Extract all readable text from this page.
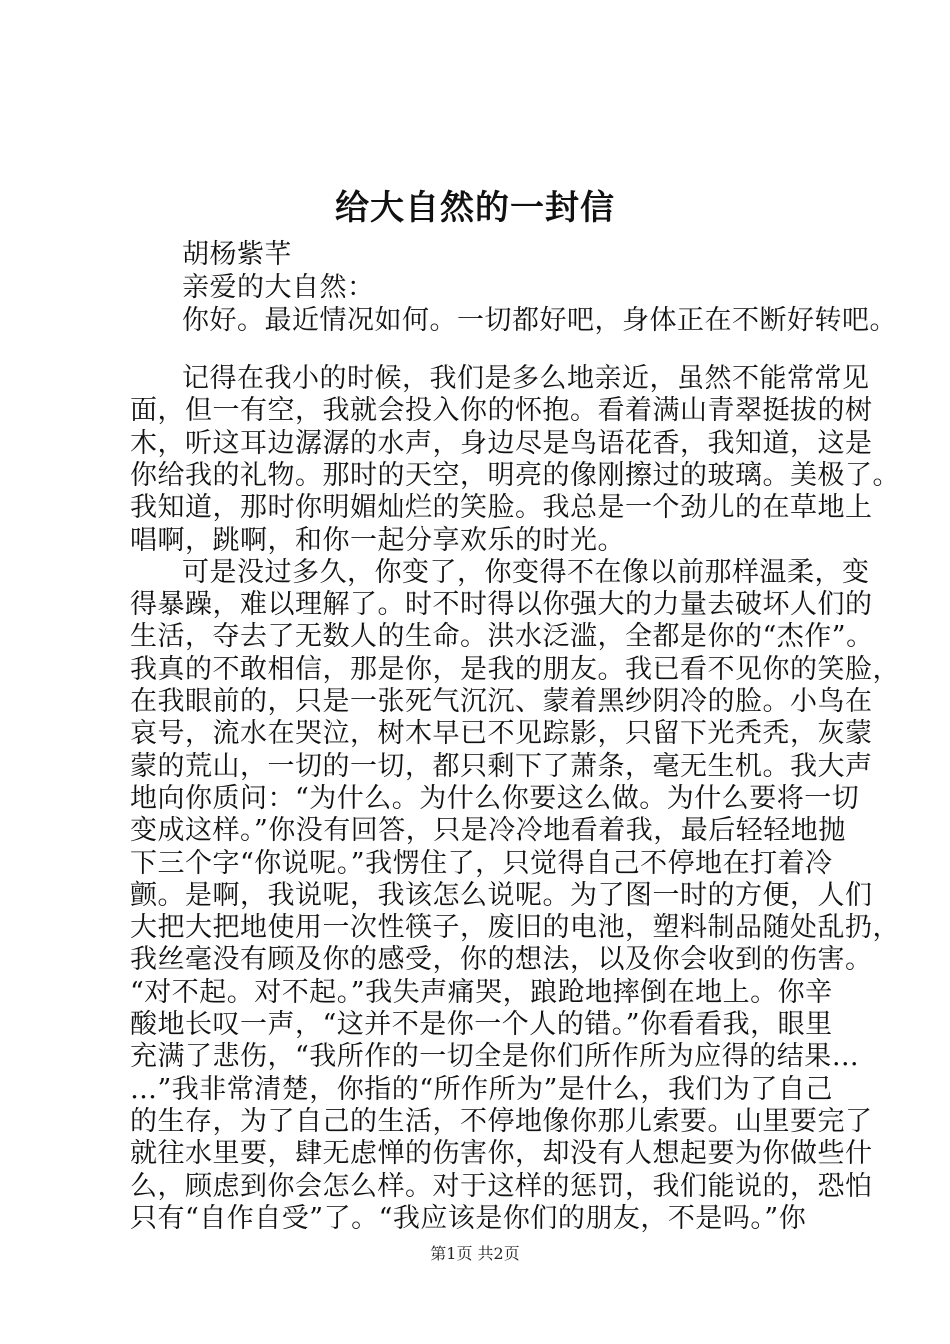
给大自然的一封信
胡杨紫芊
亲爱的大自然：
你好。最近情况如何。一切都好吧，身体正在不断好转吧。
记得在我小的时候，我们是多么地亲近，虽然不能常常见
面，但一有空，我就会投入你的怀抱。看着满山青翠挺拔的树
木，听这耳边潺潺的水声，身边尽是鸟语花香，我知道，这是
你给我的礼物。那时的天空，明亮的像刚擦过的玻璃。美极了。
我知道，那时你明媚灿烂的笑脸。我总是一个劲儿的在草地上
唱啊，跳啊，和你一起分享欢乐的时光。
可是没过多久，你变了，你变得不在像以前那样温柔，变
得暴躁，难以理解了。时不时得以你强大的力量去破坏人们的
生活，夺去了无数人的生命。洪水泛滥，全都是你的“杰作”。
我真的不敢相信，那是你，是我的朋友。我已看不见你的笑脸，
在我眼前的，只是一张死气沉沉、蒙着黑纱阴冷的脸。小鸟在
哀号，流水在哭泣，树木早已不见踪影，只留下光秃秃，灰蒙
蒙的荒山，一切的一切，都只剩下了萧条，毫无生机。我大声
地向你质问：“为什么。为什么你要这么做。为什么要将一切
变成这样。”你没有回答，只是冷冷地看着我，最后轻轻地抛
下三个字“你说呢。”我愣住了，只觉得自己不停地在打着冷
颤。是啊，我说呢，我该怎么说呢。为了图一时的方便，人们
大把大把地使用一次性筷子，废旧的电池，塑料制品随处乱扔，
我丝毫没有顾及你的感受，你的想法，以及你会收到的伤害。
“对不起。对不起。”我失声痛哭，踉跄地摔倒在地上。你辛
酸地长叹一声，“这并不是你一个人的错。”你看看我，眼里
充满了悲伤，“我所作的一切全是你们所作所为应得的结果…
…”我非常清楚，你指的“所作所为”是什么，我们为了自己
的生存，为了自己的生活，不停地像你那儿索要。山里要完了
就往水里要，肆无虑惮的伤害你，却没有人想起要为你做些什
么，顾虑到你会怎么样。对于这样的惩罚，我们能说的，恐怕
第1页 共2页
只有“自作自受”了。“我应该是你们的朋友，不是吗。”你
